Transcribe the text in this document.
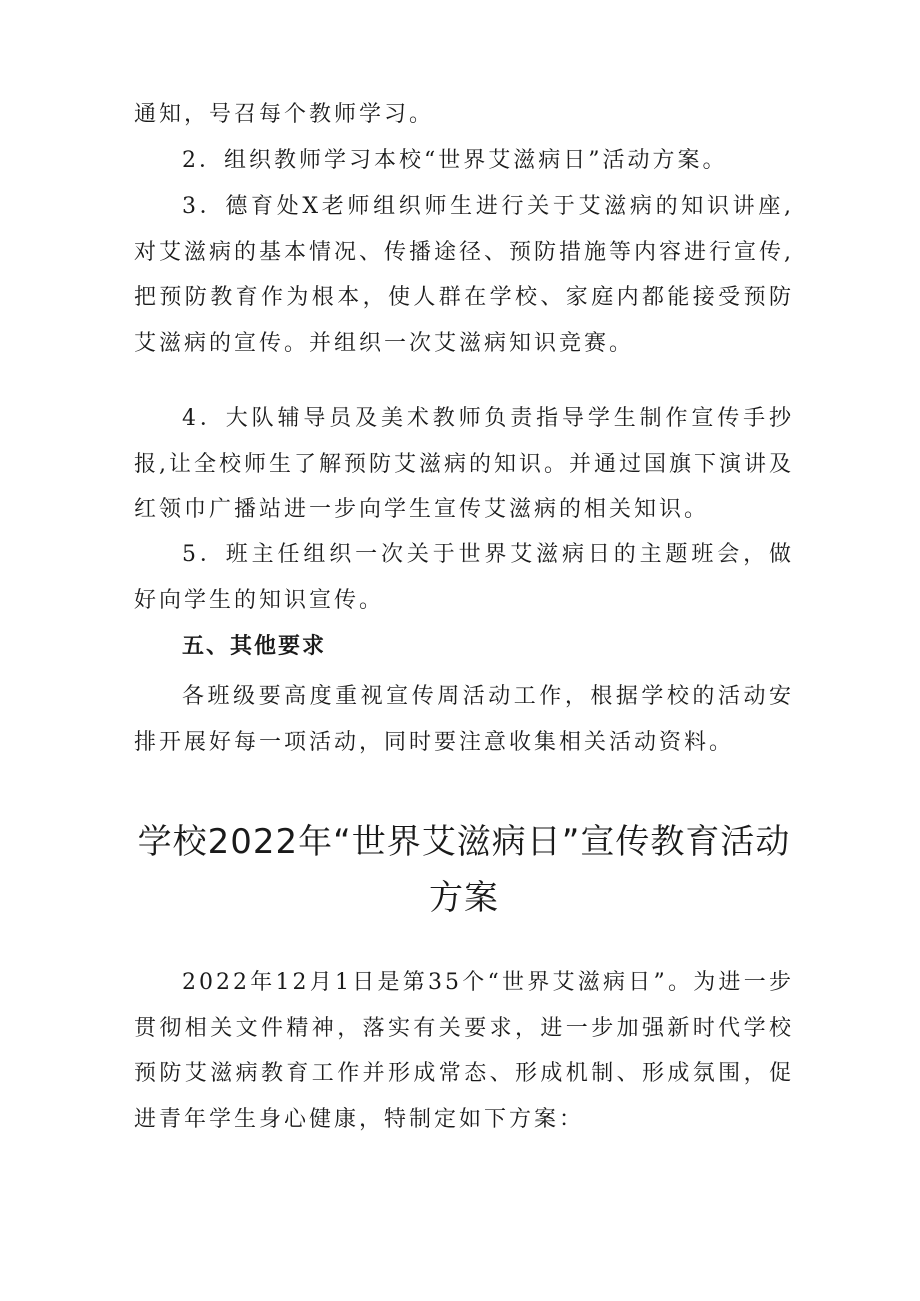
通知，号召每个教师学习。

2．组织教师学习本校“世界艾滋病日”活动方案。

3．德育处X老师组织师生进行关于艾滋病的知识讲座,对艾滋病的基本情况、传播途径、预防措施等内容进行宣传,把预防教育作为根本，使人群在学校、家庭内都能接受预防艾滋病的宣传。并组织一次艾滋病知识竞赛。

4．大队辅导员及美术教师负责指导学生制作宣传手抄报,让全校师生了解预防艾滋病的知识。并通过国旗下演讲及红领巾广播站进一步向学生宣传艾滋病的相关知识。

5．班主任组织一次关于世界艾滋病日的主题班会，做好向学生的知识宣传。

五、其他要求

各班级要高度重视宣传周活动工作，根据学校的活动安排开展好每一项活动，同时要注意收集相关活动资料。

学校2022年“世界艾滋病日”宣传教育活动方案

2022年12月1日是第35个“世界艾滋病日”。为进一步贯彻相关文件精神，落实有关要求，进一步加强新时代学校预防艾滋病教育工作并形成常态、形成机制、形成氛围，促进青年学生身心健康，特制定如下方案：
